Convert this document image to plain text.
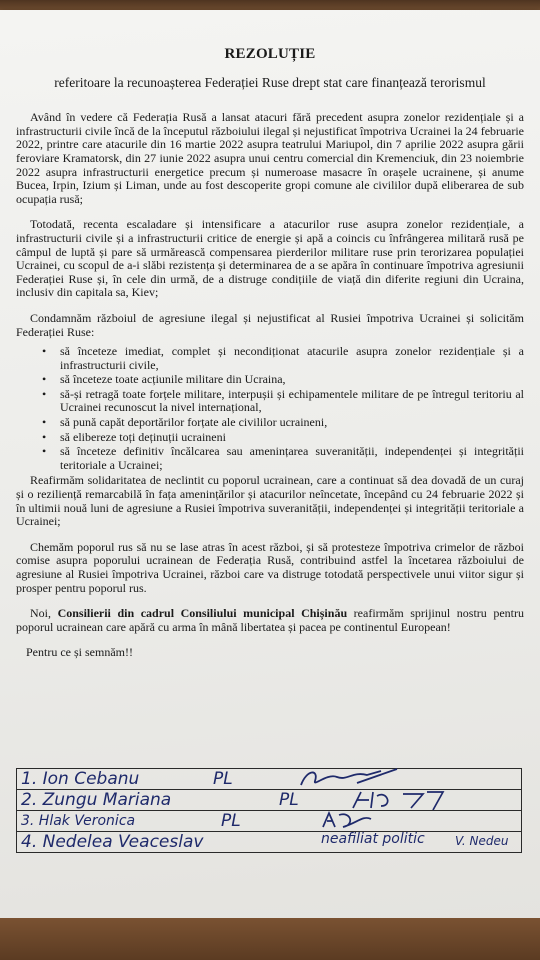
REZOLUȚIE
referitoare la recunoașterea Federației Ruse drept stat care finanțează terorismul

Având în vedere că Federația Rusă a lansat atacuri fără precedent asupra zonelor rezidențiale și a infrastructurii civile încă de la începutul războiului ilegal și nejustificat împotriva Ucrainei la 24 februarie 2022, printre care atacurile din 16 martie 2022 asupra teatrului Mariupol, din 7 aprilie 2022 asupra gării feroviare Kramatorsk, din 27 iunie 2022 asupra unui centru comercial din Kremenciuk, din 23 noiembrie 2022 asupra infrastructurii energetice precum și numeroase masacre în orașele ucrainene, și anume Bucea, Irpin, Izium și Liman, unde au fost descoperite gropi comune ale civililor după eliberarea de sub ocupația rusă;

Totodată, recenta escaladare și intensificare a atacurilor ruse asupra zonelor rezidențiale, a infrastructurii civile și a infrastructurii critice de energie și apă a coincis cu înfrângerea militară rusă pe câmpul de luptă și pare să urmărească compensarea pierderilor militare ruse prin terorizarea populației Ucrainei, cu scopul de a-i slăbi rezistența și determinarea de a se apăra în continuare împotriva agresiunii Federației Ruse și, în cele din urmă, de a distruge condițiile de viață din diferite regiuni din Ucraina, inclusiv din capitala sa, Kiev;

Condamnăm războiul de agresiune ilegal și nejustificat al Rusiei împotriva Ucrainei și solicităm Federației Ruse:

• să înceteze imediat, complet și necondiționat atacurile asupra zonelor rezidențiale și a infrastructurii civile,
• să înceteze toate acțiunile militare din Ucraina,
• să-și retragă toate forțele militare, interpușii și echipamentele militare de pe întregul teritoriu al Ucrainei recunoscut la nivel internațional,
• să pună capăt deportărilor forțate ale civililor ucraineni,
• să elibereze toți deținuții ucraineni
• să înceteze definitiv încălcarea sau amenințarea suveranității, independenței și integrității teritoriale a Ucrainei;

Reafirmăm solidaritatea de neclintit cu poporul ucrainean, care a continuat să dea dovadă de un curaj și o reziliență remarcabilă în fața amenințărilor și atacurilor neîncetate, începând cu 24 februarie 2022 și în ultimii nouă luni de agresiune a Rusiei împotriva suveranității, independenței și integrității teritoriale a Ucrainei;

Chemăm poporul rus să nu se lase atras în acest război, și să protesteze împotriva crimelor de război comise asupra poporului ucrainean de Federația Rusă, contribuind astfel la încetarea războiului de agresiune al Rusiei împotriva Ucrainei, război care va distruge totodată perspectivele unui viitor sigur și prosper pentru poporul rus.

Noi, Consilierii din cadrul Consiliului municipal Chișinău reafirmăm sprijinul nostru pentru poporul ucrainean care apără cu arma în mână libertatea și pacea pe continentul European!

Pentru ce și semnăm!!
1. Ion Cebanu	PL

2. Zungu Mariana	PL

3. Hlak Veronica	PL

4. Nedelea Veaceslav	neafiliat politic	V. Nedeu
